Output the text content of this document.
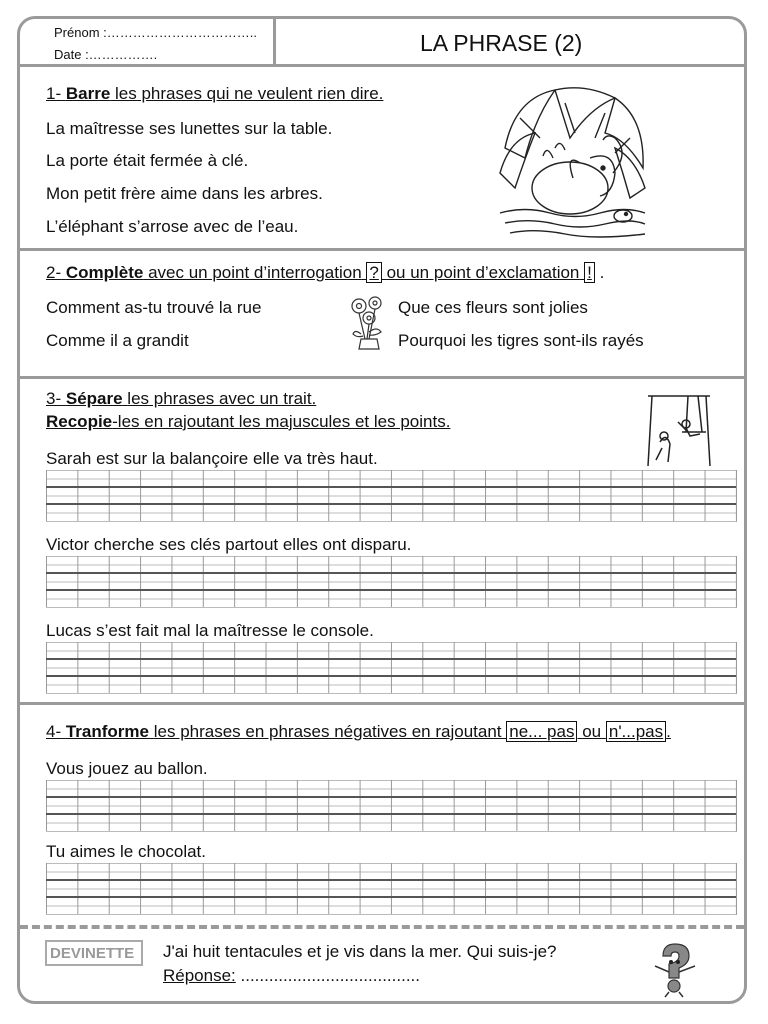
Prénom :……………………………..
Date :…………….	LA PHRASE (2)
1- Barre les phrases qui ne veulent rien dire.
La maîtresse ses lunettes sur la table.
La porte était fermée à clé.
Mon petit frère aime dans les arbres.
L’éléphant s’arrose avec de l’eau.
2- Complète avec un point d’interrogation ? ou un point d’exclamation ! .
Comment as-tu trouvé la rue
Comme il a grandit
Que ces fleurs sont jolies
Pourquoi les tigres sont-ils rayés
3- Sépare les phrases avec un trait.
Recopie-les en rajoutant les majuscules et les points.
Sarah est sur la balançoire elle va très haut.
Victor cherche ses clés partout elles ont disparu.
Lucas s’est fait mal la maîtresse le console.
4- Tranforme les phrases en phrases négatives en rajoutant ne... pas ou n'...pas .
Vous jouez au ballon.
Tu aimes le chocolat.
DEVINETTE J'ai huit tentacules et je vis dans la mer. Qui suis-je?
Réponse: ......................................
